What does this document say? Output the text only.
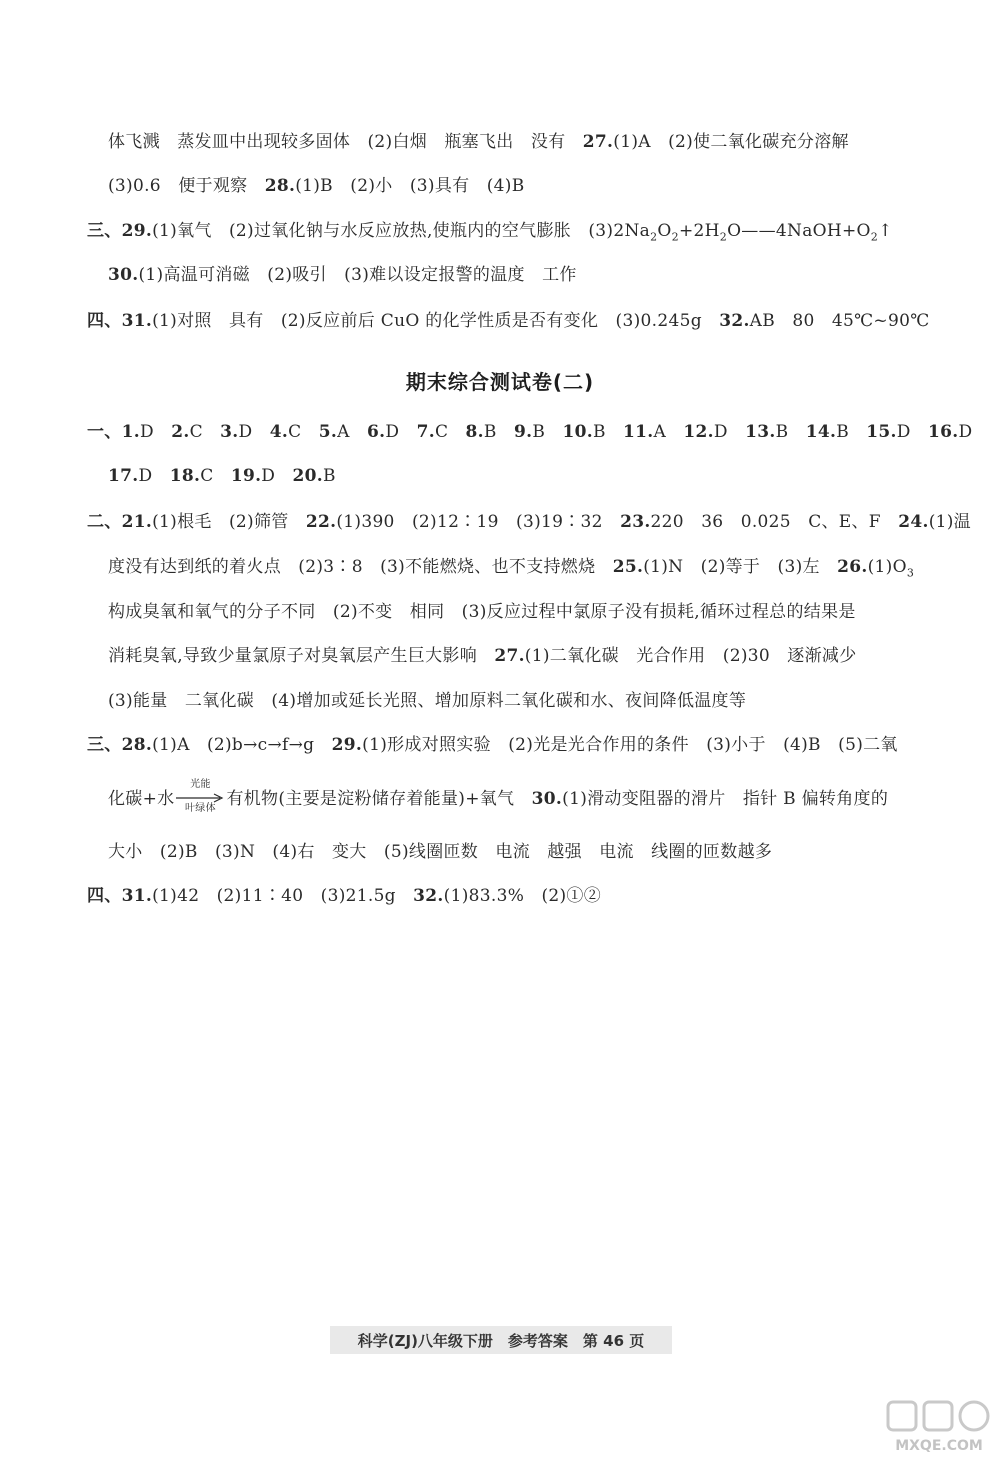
体飞溅　蒸发皿中出现较多固体　(2)白烟　瓶塞飞出　没有　27.(1)A　(2)使二氧化碳充分溶解
(3)0.6　便于观察　28.(1)B　(2)小　(3)具有　(4)B
三、29.(1)氧气　(2)过氧化钠与水反应放热,使瓶内的空气膨胀　$(3)2Na_2O_2+2H_2O——4NaOH+O_2↑$
30.(1)高温可消磁　(2)吸引　(3)难以设定报警的温度　工作
四、31.(1)对照　具有　(2)反应前后 CuO 的化学性质是否有变化　(3)0.245g　32.AB　80　45℃~90℃
期末综合测试卷(二)
一、1.D　2.C　3.D　4.C　5.A　6.D　7.C　8.B　9.B　10.B　11.A　12.D　13.B　14.B　15.D　16.D
17.D　18.C　19.D　20.B
二、21.(1)根毛　(2)筛管　22.(1)390　(2)12∶19　(3)19∶32　23.220　36　0.025　C、E、F　24.(1)温
度没有达到纸的着火点　(2)3∶8　(3)不能燃烧、也不支持燃烧　25.(1)N　(2)等于　(3)左　$26.(1)O_3$
构成臭氧和氧气的分子不同　(2)不变　相同　(3)反应过程中氯原子没有损耗,循环过程总的结果是
消耗臭氧,导致少量氯原子对臭氧层产生巨大影响　27.(1)二氧化碳　光合作用　(2)30　逐渐减少
(3)能量　二氧化碳　(4)增加或延长光照、增加原料二氧化碳和水、夜间降低温度等
三、28.(1)A　(2)b→c→f→g　29.(1)形成对照实验　(2)光是光合作用的条件　(3)小于　(4)B　(5)二氧
化碳+水
光能
叶绿体 有机物(主要是淀粉储存着能量)+氧气　30.(1)滑动变阻器的滑片　指针 B 偏转角度的
大小　(2)B　(3)N　(4)右　变大　(5)线圈匝数　电流　越强　电流　线圈的匝数越多
四、31.(1)42　(2)11∶40　(3)21.5g　32.(1)83.3%　(2)①②
科学(ZJ)八年级下册　参考答案　第 46 页
MXQE.COM
